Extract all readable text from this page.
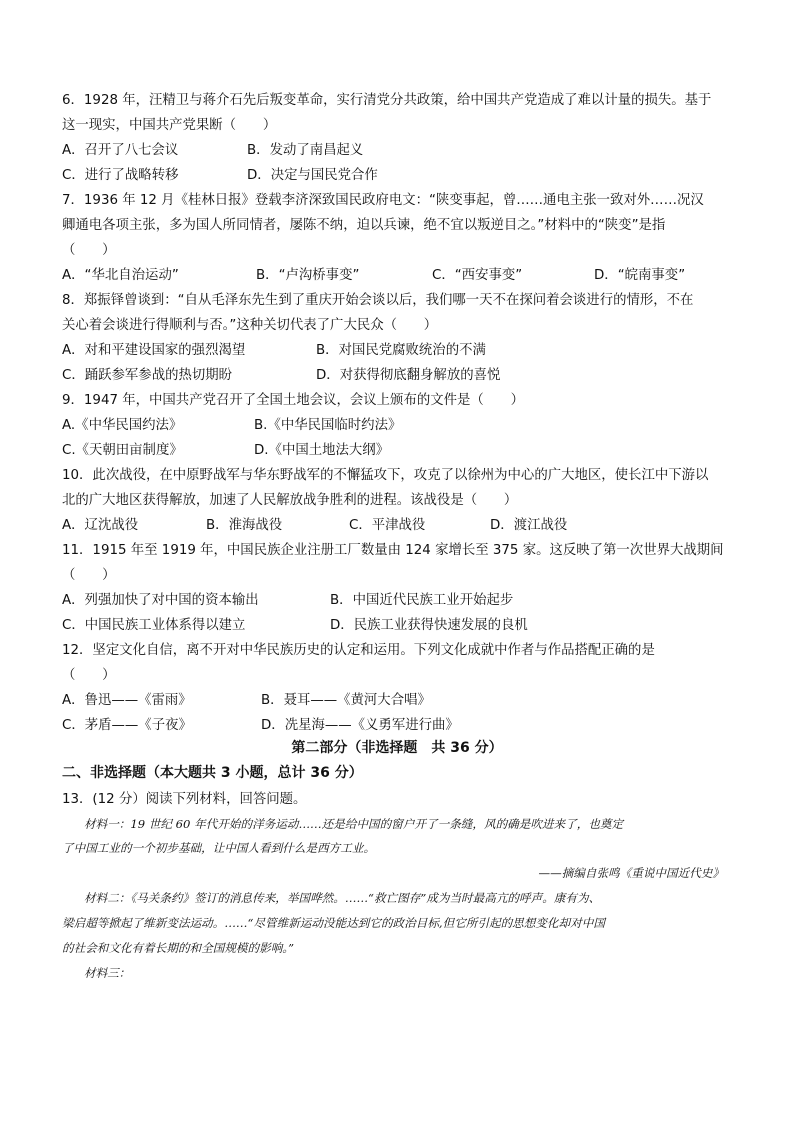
6．1928 年，汪精卫与蒋介石先后叛变革命，实行清党分共政策，给中国共产党造成了难以计量的损失。基于
这一现实，中国共产党果断（　　）
A．召开了八七会议	B．发动了南昌起义
C．进行了战略转移	D．决定与国民党合作
7．1936 年 12 月《桂林日报》登载李济深致国民政府电文：“陕变事起，曾……通电主张一致对外……况汉
卿通电各项主张，多为国人所同情者，屡陈不纳，迫以兵谏，绝不宜以叛逆目之。”材料中的“陕变”是指
（　　）
A．“华北自治运动”	B．“卢沟桥事变”	C．“西安事变”	D．“皖南事变”
8．郑振铎曾谈到：“自从毛泽东先生到了重庆开始会谈以后，我们哪一天不在探问着会谈进行的情形，不在
关心着会谈进行得顺利与否。”这种关切代表了广大民众（　　）
A．对和平建设国家的强烈渴望	B．对国民党腐败统治的不满
C．踊跃参军参战的热切期盼	D．对获得彻底翻身解放的喜悦
9．1947 年，中国共产党召开了全国土地会议，会议上颁布的文件是（　　）
A.《中华民国约法》	B.《中华民国临时约法》
C.《天朝田亩制度》	D.《中国土地法大纲》
10．此次战役，在中原野战军与华东野战军的不懈猛攻下，攻克了以徐州为中心的广大地区，使长江中下游以
北的广大地区获得解放，加速了人民解放战争胜利的进程。该战役是（　　）
A．辽沈战役	B．淮海战役	C．平津战役	D．渡江战役
11．1915 年至 1919 年，中国民族企业注册工厂数量由 124 家增长至 375 家。这反映了第一次世界大战期间
（　　）
A．列强加快了对中国的资本输出	B．中国近代民族工业开始起步
C．中国民族工业体系得以建立	D．民族工业获得快速发展的良机
12．坚定文化自信，离不开对中华民族历史的认定和运用。下列文化成就中作者与作品搭配正确的是
（　　）
A．鲁迅——《雷雨》	B．聂耳——《黄河大合唱》
C．茅盾——《子夜》	D．冼星海——《义勇军进行曲》
第二部分（非选择题　共 36 分）
二、非选择题（本大题共 3 小题，总计 36 分）
13．(12 分）阅读下列材料，回答问题。
材料一：19 世纪 60 年代开始的洋务运动……还是给中国的窗户开了一条缝，风的确是吹进来了，也奠定
了中国工业的一个初步基础，让中国人看到什么是西方工业。
——摘编自张鸣《重说中国近代史》
材料二：《马关条约》签订的消息传来，举国哗然。……“救亡图存”成为当时最高亢的呼声。康有为、
梁启超等掀起了维新变法运动。……“尽管维新运动没能达到它的政治目标,但它所引起的思想变化却对中国
的社会和文化有着长期的和全国规模的影响。”
材料三：
